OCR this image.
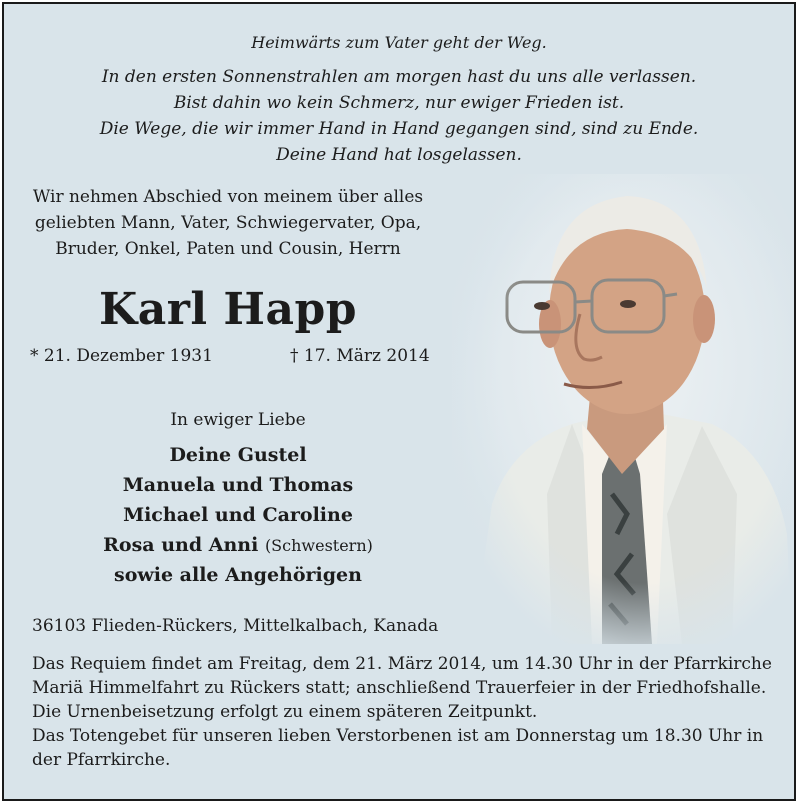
Heimwärts zum Vater geht der Weg.
In den ersten Sonnenstrahlen am morgen hast du uns alle verlassen.
Bist dahin wo kein Schmerz, nur ewiger Frieden ist.
Die Wege, die wir immer Hand in Hand gegangen sind, sind zu Ende.
Deine Hand hat losgelassen.
Wir nehmen Abschied von meinem über alles
geliebten Mann, Vater, Schwiegervater, Opa,
Bruder, Onkel, Paten und Cousin, Herrn
Karl Happ
* 21. Dezember 1931	† 17. März 2014
In ewiger Liebe
Deine Gustel
Manuela und Thomas
Michael und Caroline
Rosa und Anni (Schwestern)
sowie alle Angehörigen
36103 Flieden-Rückers, Mittelkalbach, Kanada
Das Requiem findet am Freitag, dem 21. März 2014, um 14.30 Uhr in der Pfarrkirche
Mariä Himmelfahrt zu Rückers statt; anschließend Trauerfeier in der Friedhofshalle.
Die Urnenbeisetzung erfolgt zu einem späteren Zeitpunkt.
Das Totengebet für unseren lieben Verstorbenen ist am Donnerstag um 18.30 Uhr in
der Pfarrkirche.
